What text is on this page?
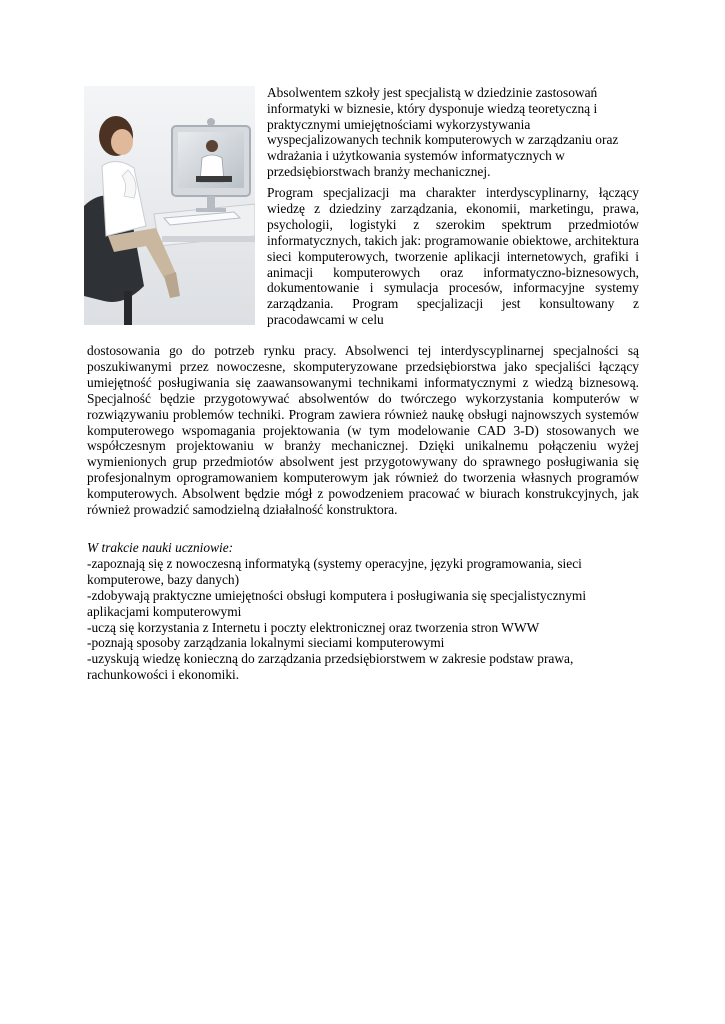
Absolwentem szkoły jest specjalistą w dziedzinie zastosowań informatyki w biznesie, który dysponuje wiedzą teoretyczną i praktycznymi umiejętnościami wykorzystywania wyspecjalizowanych technik komputerowych w zarządzaniu oraz wdrażania i użytkowania systemów informatycznych w przedsiębiorstwach branży mechanicznej.

Program specjalizacji ma charakter interdyscyplinarny, łączący wiedzę z dziedziny zarządzania, ekonomii, marketingu, prawa, psychologii, logistyki z szerokim spektrum przedmiotów informatycznych, takich jak: programowanie obiektowe, architektura sieci komputerowych, tworzenie aplikacji internetowych, grafiki i animacji komputerowych oraz informatyczno-biznesowych, dokumentowanie i symulacja procesów, informacyjne systemy zarządzania. Program specjalizacji jest konsultowany z pracodawcami w celu

dostosowania go do potrzeb rynku pracy. Absolwenci tej interdyscyplinarnej specjalności są poszukiwanymi przez nowoczesne, skomputeryzowane przedsiębiorstwa jako specjaliści łączący umiejętność posługiwania się zaawansowanymi technikami informatycznymi z wiedzą biznesową. Specjalność będzie przygotowywać absolwentów do twórczego wykorzystania komputerów w rozwiązywaniu problemów techniki. Program zawiera również naukę obsługi najnowszych systemów komputerowego wspomagania projektowania (w tym modelowanie CAD 3-D) stosowanych we współczesnym projektowaniu w branży mechanicznej. Dzięki unikalnemu połączeniu wyżej wymienionych grup przedmiotów absolwent jest przygotowywany do sprawnego posługiwania się profesjonalnym oprogramowaniem komputerowym jak również do tworzenia własnych programów komputerowych. Absolwent będzie mógł z powodzeniem pracować w biurach konstrukcyjnych, jak również prowadzić samodzielną działalność konstruktora.

W trakcie nauki uczniowie:
-zapoznają się z nowoczesną informatyką (systemy operacyjne, języki programowania, sieci komputerowe, bazy danych)
-zdobywają praktyczne umiejętności obsługi komputera i posługiwania się specjalistycznymi aplikacjami komputerowymi
-uczą się korzystania z Internetu i poczty elektronicznej oraz tworzenia stron WWW
-poznają sposoby zarządzania lokalnymi sieciami komputerowymi
-uzyskują wiedzę konieczną do zarządzania przedsiębiorstwem w zakresie podstaw prawa, rachunkowości i ekonomiki.
